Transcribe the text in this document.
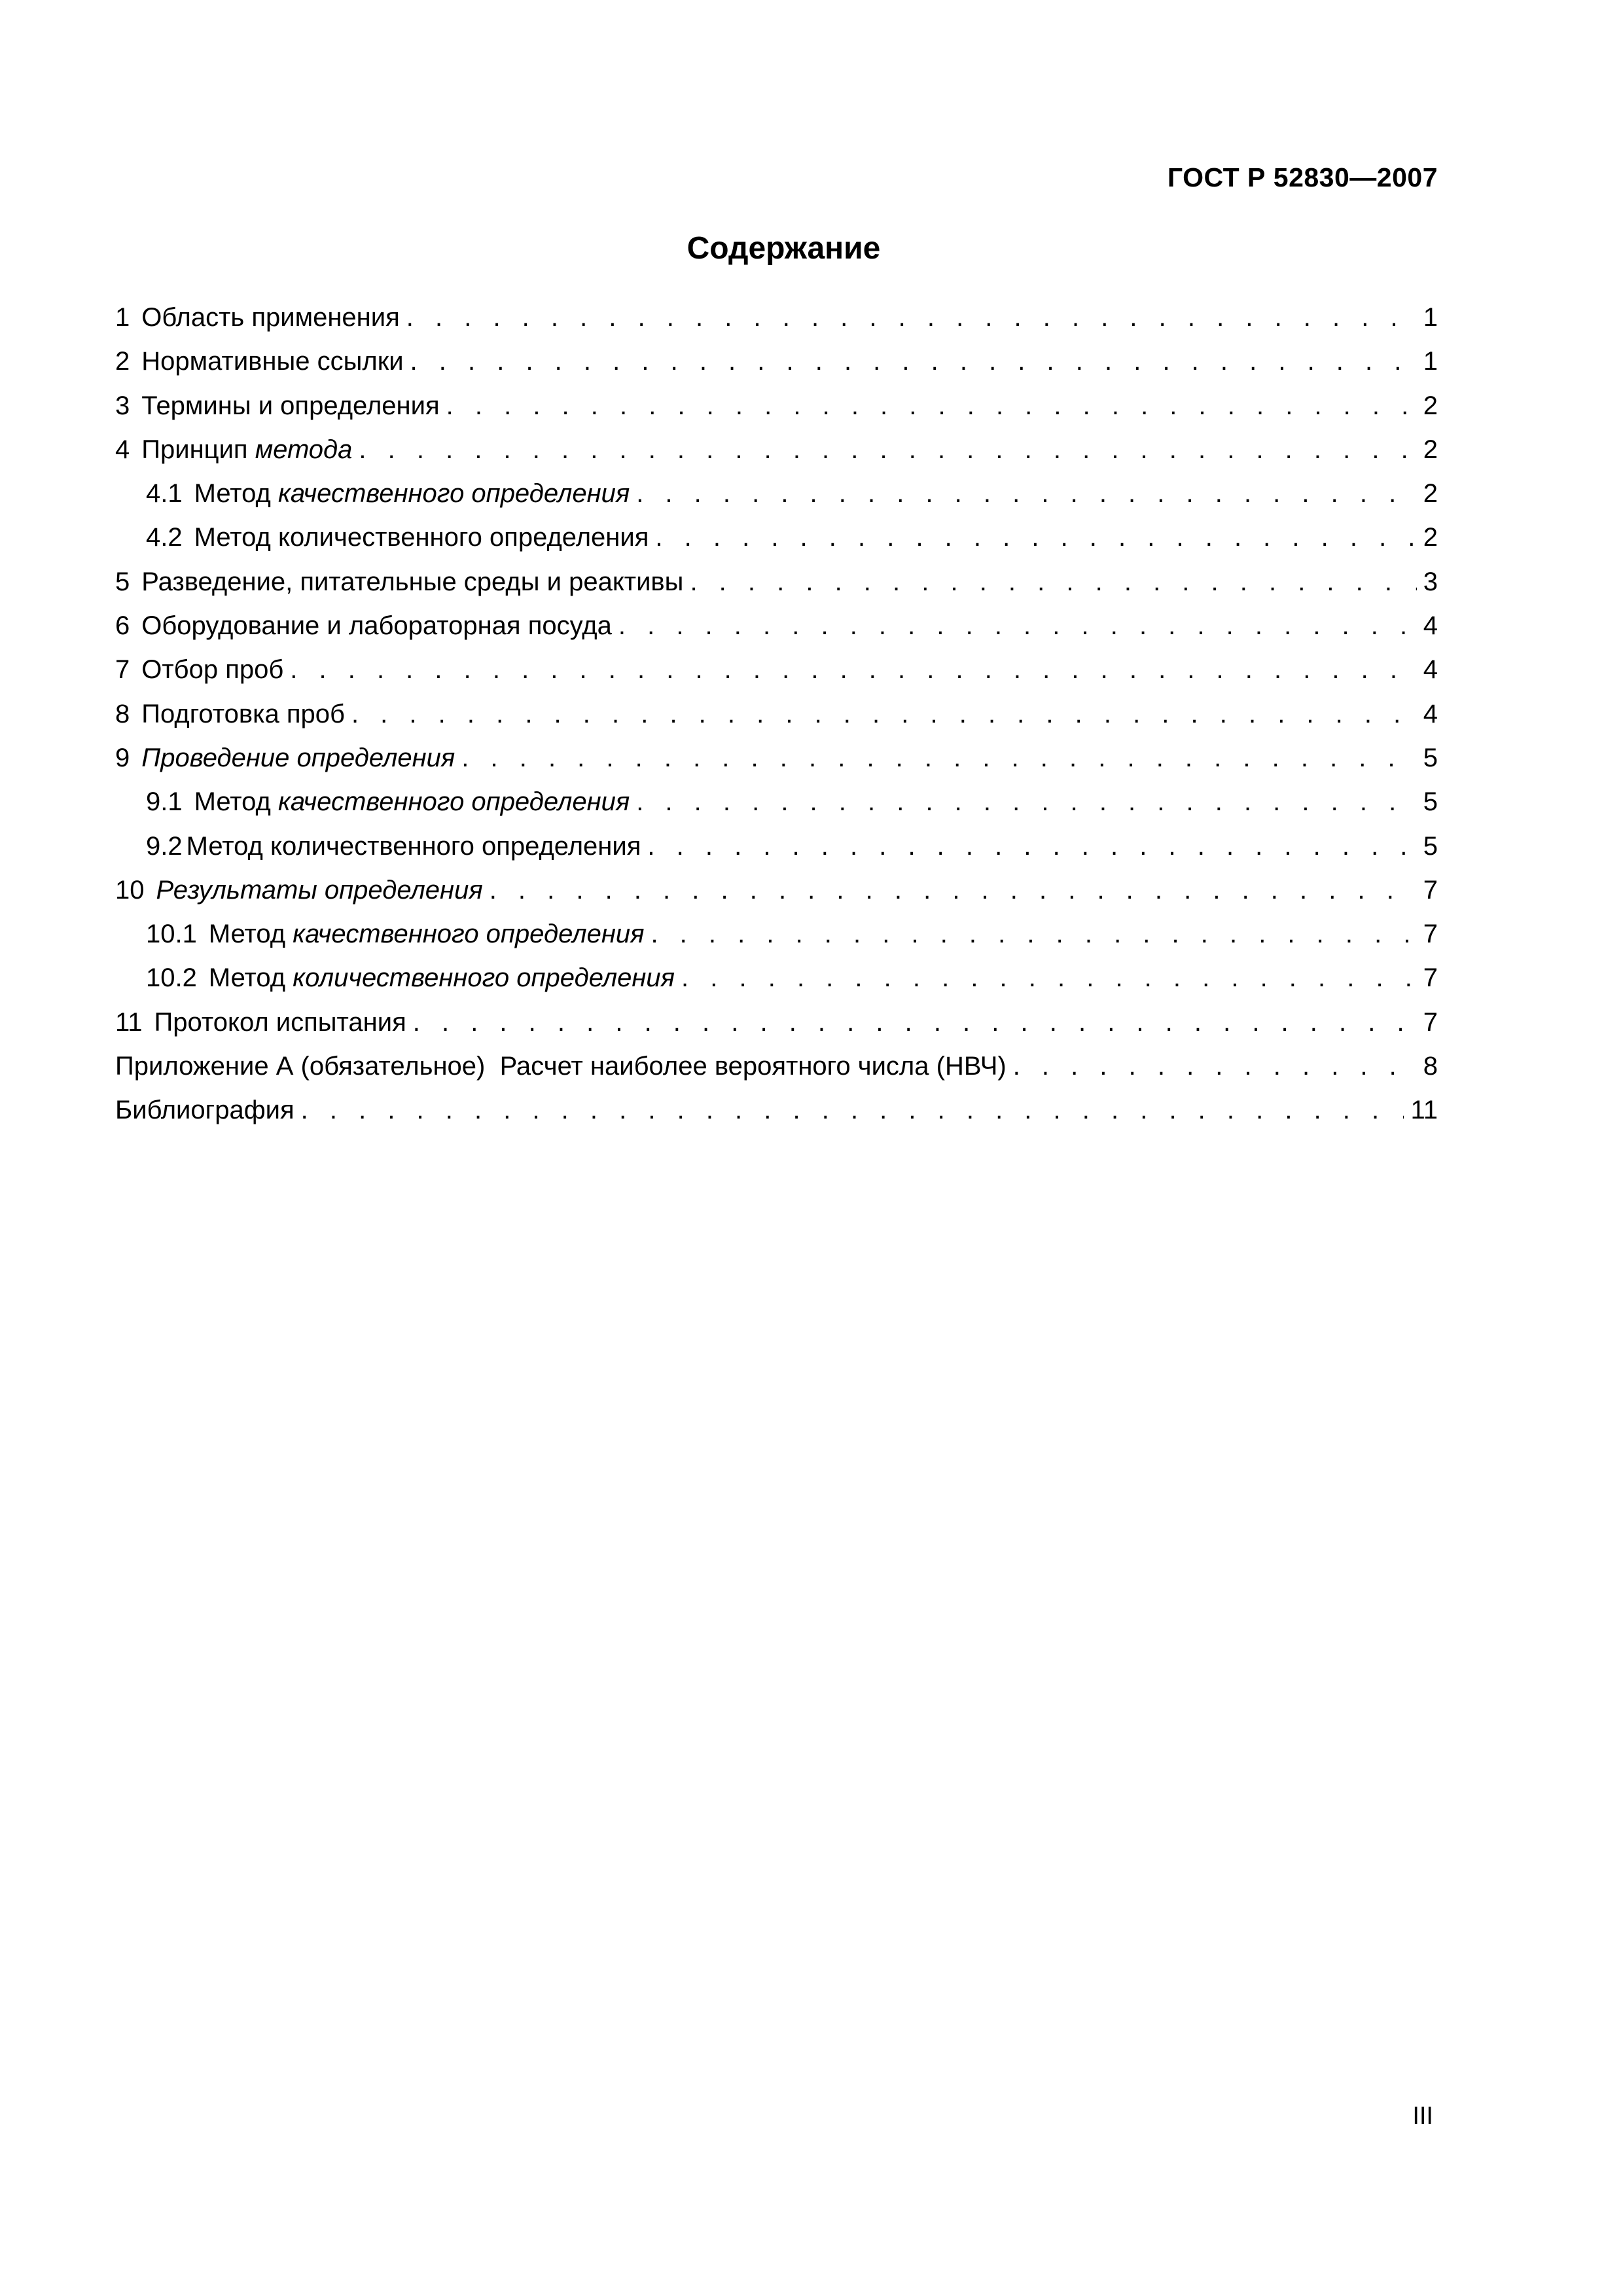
ГОСТ Р 52830—2007
Содержание
1 Область применения . . .	1
2 Нормативные ссылки . . .	1
3 Термины и определения . . .	2
4 Принцип метода . . .	2
4.1 Метод качественного определения . . .	2
4.2 Метод количественного определения . . .	2
5 Разведение, питательные среды и реактивы . . .	3
6 Оборудование и лабораторная посуда . . .	4
7 Отбор проб . . .	4
8 Подготовка проб . . .	4
9 Проведение определения . . .	5
9.1 Метод качественного определения . . .	5
9.2 Метод количественного определения . . .	5
10 Результаты определения . . .	7
10.1 Метод качественного определения . . .	7
10.2 Метод количественного определения . . .	7
11 Протокол испытания . . .	7
Приложение А (обязательное)  Расчет наиболее вероятного числа (НВЧ) . . .	8
Библиография . . .	11
III
